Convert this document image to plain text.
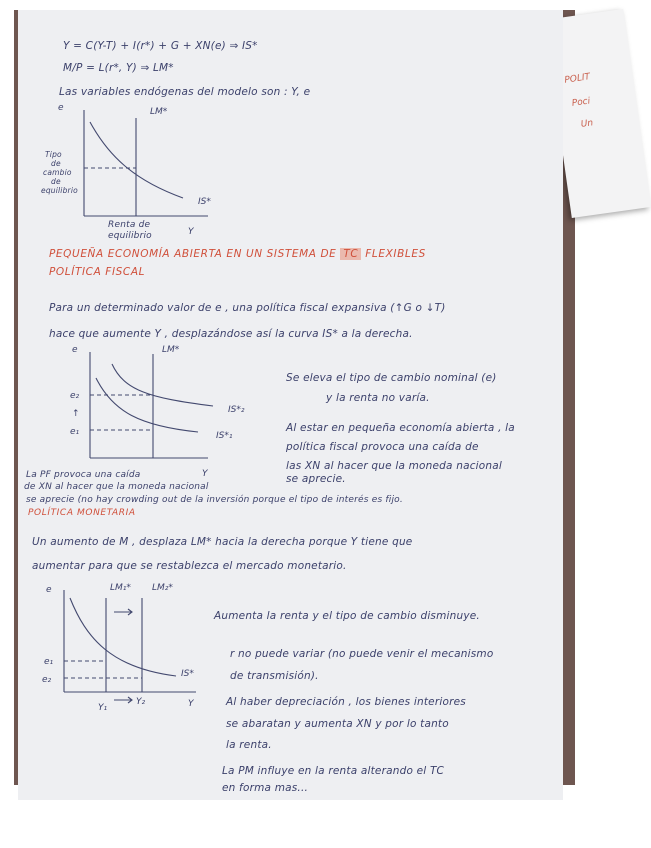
POLIT
Poci
Un
Y = C(Y-T) + I(r*) + G + XN(e) ⇒ IS*
M/P = L(r*, Y) ⇒ LM*
Las variables endógenas del modelo son : Y, e
e	LM*
IS*
Y
Tipo
de
cambio
de
equilibrio
Renta de
equilibrio
PEQUEÑA ECONOMÍA ABIERTA EN UN SISTEMA DE TC FLEXIBLES
POLÍTICA FISCAL
Para un determinado valor de e , una política fiscal expansiva (↑G o ↓T)
hace que aumente Y , desplazándose así la curva IS* a la derecha.
e	LM*
IS*₂
IS*₁
e₂
↑
e₁
Y
Se eleva el tipo de cambio nominal (e)
y la renta no varía.
Al estar en pequeña economía abierta , la
política fiscal provoca una caída de
las XN al hacer que la moneda nacional
se aprecie.
La PF provoca una caída
de XN al hacer que la moneda nacional
se aprecie (no hay crowding out de la inversión porque el tipo de interés es fijo.
POLÍTICA MONETARIA
Un aumento de M , desplaza LM* hacia la derecha porque Y tiene que
aumentar para que se restablezca el mercado monetario.
e	LM₁* LM₂*
IS*
e₁
e₂
Y₁
Y₂	Y
Aumenta la renta y el tipo de cambio disminuye.
r no puede variar (no puede venir el mecanismo
de transmisión).
Al haber depreciación , los bienes interiores
se abaratan y aumenta XN y por lo tanto
la renta.
La PM influye en la renta alterando el TC
en forma mas...
